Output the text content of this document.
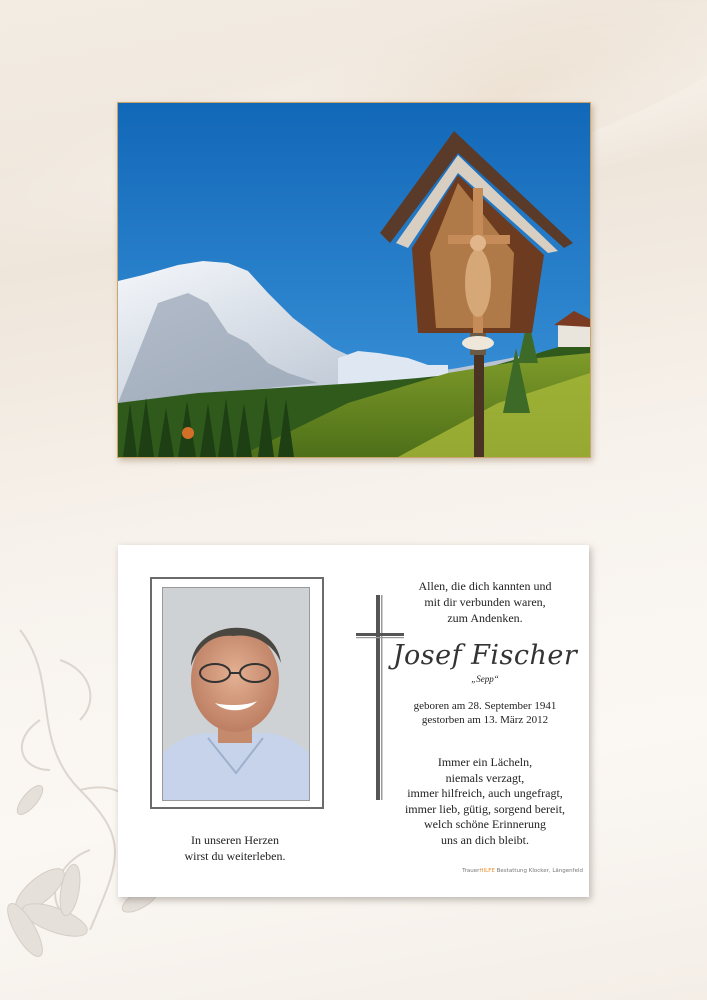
In unseren Herzen
wirst du weiterleben.
Allen, die dich kannten und
mit dir verbunden waren,
zum Andenken.
Josef Fischer
„Sepp“
geboren am 28. September 1941
gestorben am 13. März 2012
Immer ein Lächeln,
niemals verzagt,
immer hilfreich, auch ungefragt,
immer lieb, gütig, sorgend bereit,
welch schöne Erinnerung
uns an dich bleibt.
TrauerHILFE Bestattung Klocker, Längenfeld
